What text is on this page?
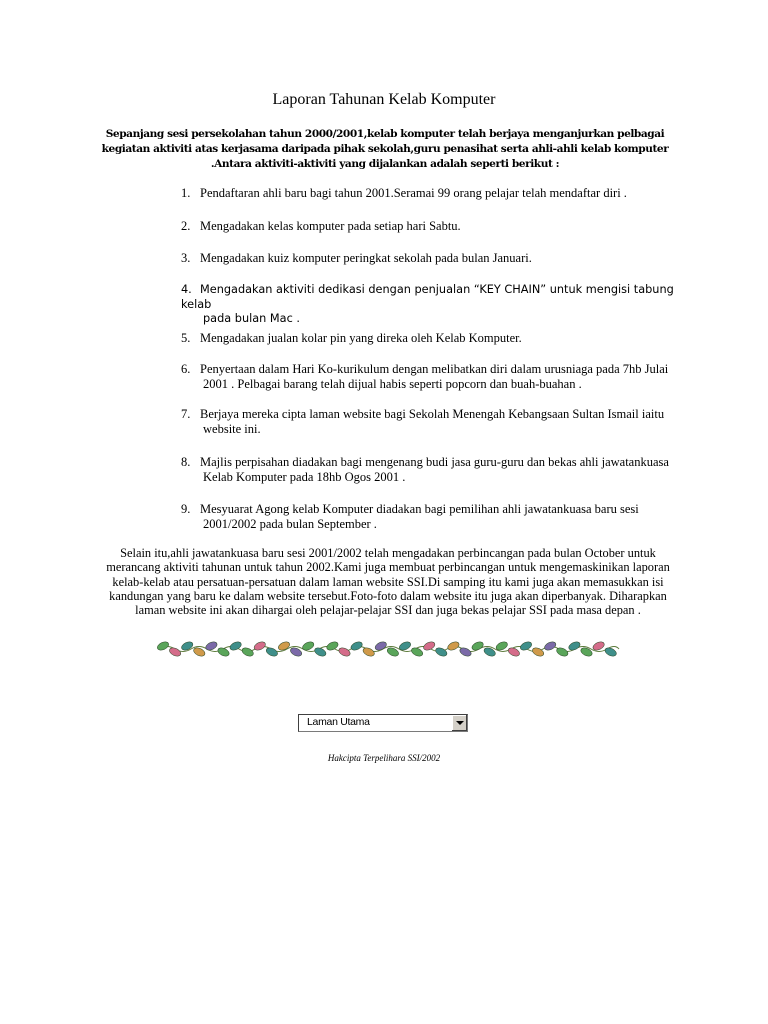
Laporan Tahunan Kelab Komputer
Sepanjang sesi persekolahan tahun 2000/2001,kelab komputer telah berjaya menganjurkan pelbagai kegiatan aktiviti atas kerjasama daripada pihak sekolah,guru penasihat serta ahli-ahli kelab komputer .Antara aktiviti-aktiviti yang dijalankan adalah seperti berikut :
1. Pendaftaran ahli baru bagi tahun 2001.Seramai 99 orang pelajar telah mendaftar diri .
2. Mengadakan kelas komputer pada setiap hari Sabtu.
3. Mengadakan kuiz komputer peringkat sekolah pada bulan Januari.
4. Mengadakan aktiviti dedikasi dengan penjualan “KEY CHAIN” untuk mengisi tabung kelab
pada bulan Mac .
5. Mengadakan jualan kolar pin yang direka oleh Kelab Komputer.
6. Penyertaan dalam Hari Ko-kurikulum dengan melibatkan diri dalam urusniaga pada 7hb Julai
2001 . Pelbagai barang telah dijual habis seperti popcorn dan buah-buahan .
7. Berjaya mereka cipta laman website bagi Sekolah Menengah Kebangsaan Sultan Ismail iaitu
website ini.
8. Majlis perpisahan diadakan bagi mengenang budi jasa guru-guru dan bekas ahli jawatankuasa
Kelab Komputer pada 18hb Ogos 2001 .
9. Mesyuarat Agong kelab Komputer diadakan bagi pemilihan ahli jawatankuasa baru sesi
2001/2002 pada bulan September .
Selain itu,ahli jawatankuasa baru sesi 2001/2002 telah mengadakan perbincangan pada bulan October untuk
merancang aktiviti tahunan untuk tahun 2002.Kami juga membuat perbincangan untuk mengemaskinikan laporan
kelab-kelab atau persatuan-persatuan dalam laman website SSI.Di samping itu kami juga akan memasukkan isi
kandungan yang baru ke dalam website tersebut.Foto-foto dalam website itu juga akan diperbanyak. Diharapkan
laman website ini akan dihargai oleh pelajar-pelajar SSI dan juga bekas pelajar SSI pada masa depan .
Laman Utama
Hakcipta Terpelihara SSI/2002
